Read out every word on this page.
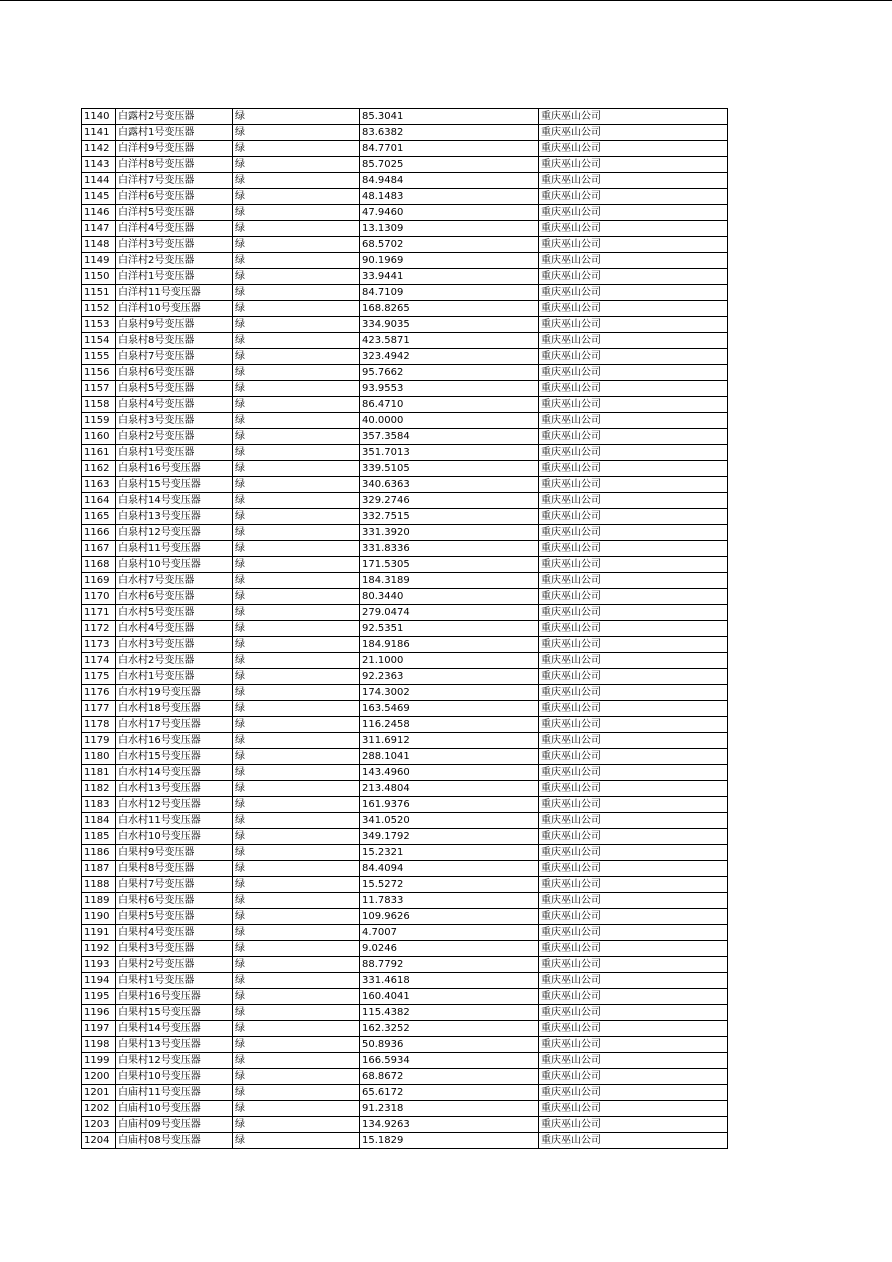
1140	白露村2号变压器	绿	85.3041	重庆巫山公司
1141	白露村1号变压器	绿	83.6382	重庆巫山公司
1142	白洋村9号变压器	绿	84.7701	重庆巫山公司
1143	白洋村8号变压器	绿	85.7025	重庆巫山公司
1144	白洋村7号变压器	绿	84.9484	重庆巫山公司
1145	白洋村6号变压器	绿	48.1483	重庆巫山公司
1146	白洋村5号变压器	绿	47.9460	重庆巫山公司
1147	白洋村4号变压器	绿	13.1309	重庆巫山公司
1148	白洋村3号变压器	绿	68.5702	重庆巫山公司
1149	白洋村2号变压器	绿	90.1969	重庆巫山公司
1150	白洋村1号变压器	绿	33.9441	重庆巫山公司
1151	白洋村11号变压器	绿	84.7109	重庆巫山公司
1152	白洋村10号变压器	绿	168.8265	重庆巫山公司
1153	白泉村9号变压器	绿	334.9035	重庆巫山公司
1154	白泉村8号变压器	绿	423.5871	重庆巫山公司
1155	白泉村7号变压器	绿	323.4942	重庆巫山公司
1156	白泉村6号变压器	绿	95.7662	重庆巫山公司
1157	白泉村5号变压器	绿	93.9553	重庆巫山公司
1158	白泉村4号变压器	绿	86.4710	重庆巫山公司
1159	白泉村3号变压器	绿	40.0000	重庆巫山公司
1160	白泉村2号变压器	绿	357.3584	重庆巫山公司
1161	白泉村1号变压器	绿	351.7013	重庆巫山公司
1162	白泉村16号变压器	绿	339.5105	重庆巫山公司
1163	白泉村15号变压器	绿	340.6363	重庆巫山公司
1164	白泉村14号变压器	绿	329.2746	重庆巫山公司
1165	白泉村13号变压器	绿	332.7515	重庆巫山公司
1166	白泉村12号变压器	绿	331.3920	重庆巫山公司
1167	白泉村11号变压器	绿	331.8336	重庆巫山公司
1168	白泉村10号变压器	绿	171.5305	重庆巫山公司
1169	白水村7号变压器	绿	184.3189	重庆巫山公司
1170	白水村6号变压器	绿	80.3440	重庆巫山公司
1171	白水村5号变压器	绿	279.0474	重庆巫山公司
1172	白水村4号变压器	绿	92.5351	重庆巫山公司
1173	白水村3号变压器	绿	184.9186	重庆巫山公司
1174	白水村2号变压器	绿	21.1000	重庆巫山公司
1175	白水村1号变压器	绿	92.2363	重庆巫山公司
1176	白水村19号变压器	绿	174.3002	重庆巫山公司
1177	白水村18号变压器	绿	163.5469	重庆巫山公司
1178	白水村17号变压器	绿	116.2458	重庆巫山公司
1179	白水村16号变压器	绿	311.6912	重庆巫山公司
1180	白水村15号变压器	绿	288.1041	重庆巫山公司
1181	白水村14号变压器	绿	143.4960	重庆巫山公司
1182	白水村13号变压器	绿	213.4804	重庆巫山公司
1183	白水村12号变压器	绿	161.9376	重庆巫山公司
1184	白水村11号变压器	绿	341.0520	重庆巫山公司
1185	白水村10号变压器	绿	349.1792	重庆巫山公司
1186	白果村9号变压器	绿	15.2321	重庆巫山公司
1187	白果村8号变压器	绿	84.4094	重庆巫山公司
1188	白果村7号变压器	绿	15.5272	重庆巫山公司
1189	白果村6号变压器	绿	11.7833	重庆巫山公司
1190	白果村5号变压器	绿	109.9626	重庆巫山公司
1191	白果村4号变压器	绿	4.7007	重庆巫山公司
1192	白果村3号变压器	绿	9.0246	重庆巫山公司
1193	白果村2号变压器	绿	88.7792	重庆巫山公司
1194	白果村1号变压器	绿	331.4618	重庆巫山公司
1195	白果村16号变压器	绿	160.4041	重庆巫山公司
1196	白果村15号变压器	绿	115.4382	重庆巫山公司
1197	白果村14号变压器	绿	162.3252	重庆巫山公司
1198	白果村13号变压器	绿	50.8936	重庆巫山公司
1199	白果村12号变压器	绿	166.5934	重庆巫山公司
1200	白果村10号变压器	绿	68.8672	重庆巫山公司
1201	白庙村11号变压器	绿	65.6172	重庆巫山公司
1202	白庙村10号变压器	绿	91.2318	重庆巫山公司
1203	白庙村09号变压器	绿	134.9263	重庆巫山公司
1204	白庙村08号变压器	绿	15.1829	重庆巫山公司
